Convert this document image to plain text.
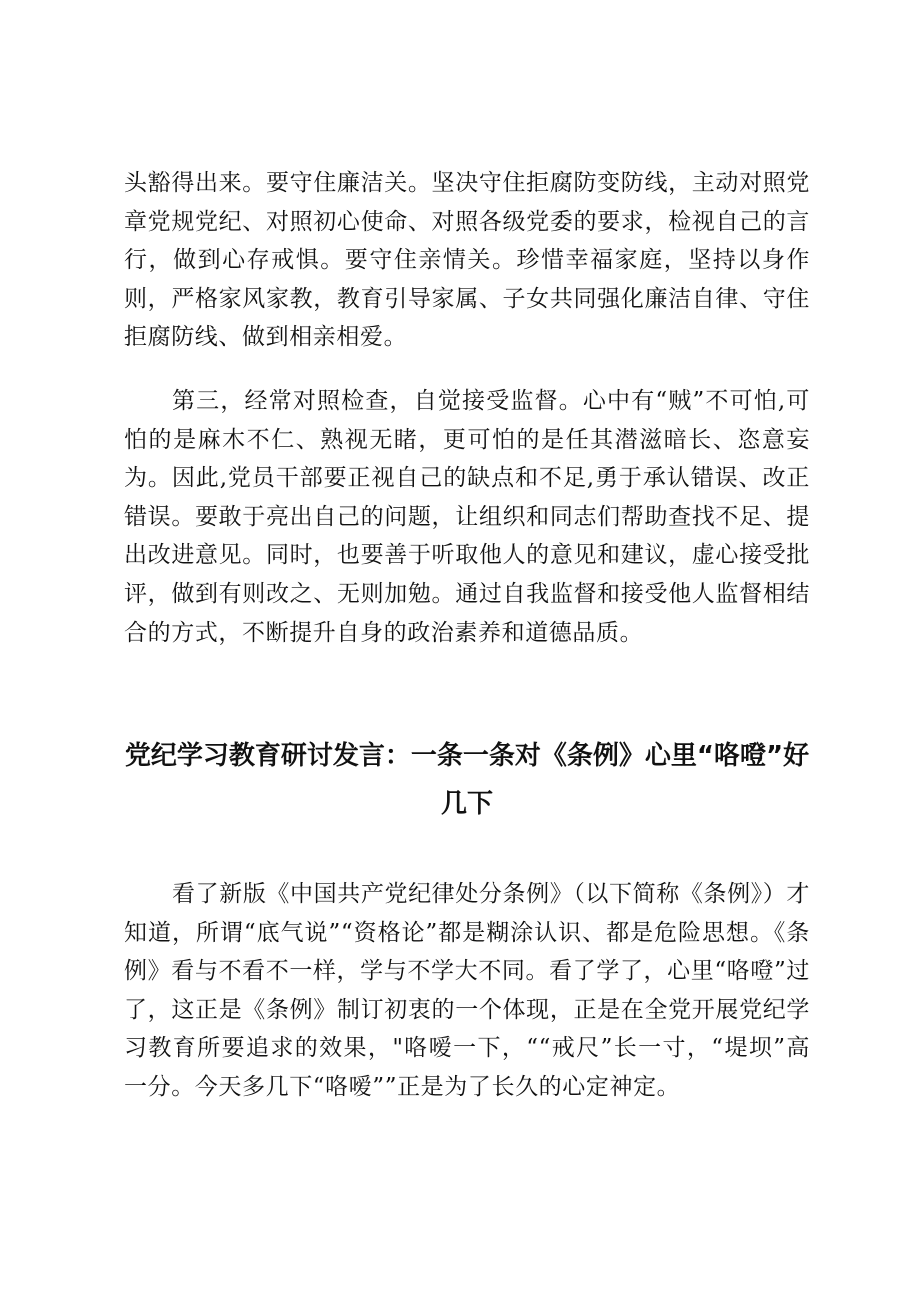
头豁得出来。要守住廉洁关。坚决守住拒腐防变防线，主动对照党章党规党纪、对照初心使命、对照各级党委的要求，检视自己的言行，做到心存戒惧。要守住亲情关。珍惜幸福家庭，坚持以身作则，严格家风家教，教育引导家属、子女共同强化廉洁自律、守住拒腐防线、做到相亲相爱。

第三，经常对照检查，自觉接受监督。心中有“贼”不可怕,可怕的是麻木不仁、熟视无睹，更可怕的是任其潜滋暗长、恣意妄为。因此,党员干部要正视自己的缺点和不足,勇于承认错误、改正错误。要敢于亮出自己的问题，让组织和同志们帮助查找不足、提出改进意见。同时，也要善于听取他人的意见和建议，虚心接受批评，做到有则改之、无则加勉。通过自我监督和接受他人监督相结合的方式，不断提升自身的政治素养和道德品质。

党纪学习教育研讨发言：一条一条对《条例》心里“咯噔”好几下

看了新版《中国共产党纪律处分条例》（以下简称《条例》）才知道，所谓“底气说”“资格论”都是糊涂认识、都是危险思想。《条例》看与不看不一样，学与不学大不同。看了学了，心里“咯噔”过了，这正是《条例》制订初衷的一个体现，正是在全党开展党纪学习教育所要追求的效果，"咯嗳一下，““戒尺”长一寸，“堤坝”高一分。今天多几下“咯嗳””正是为了长久的心定神定。
